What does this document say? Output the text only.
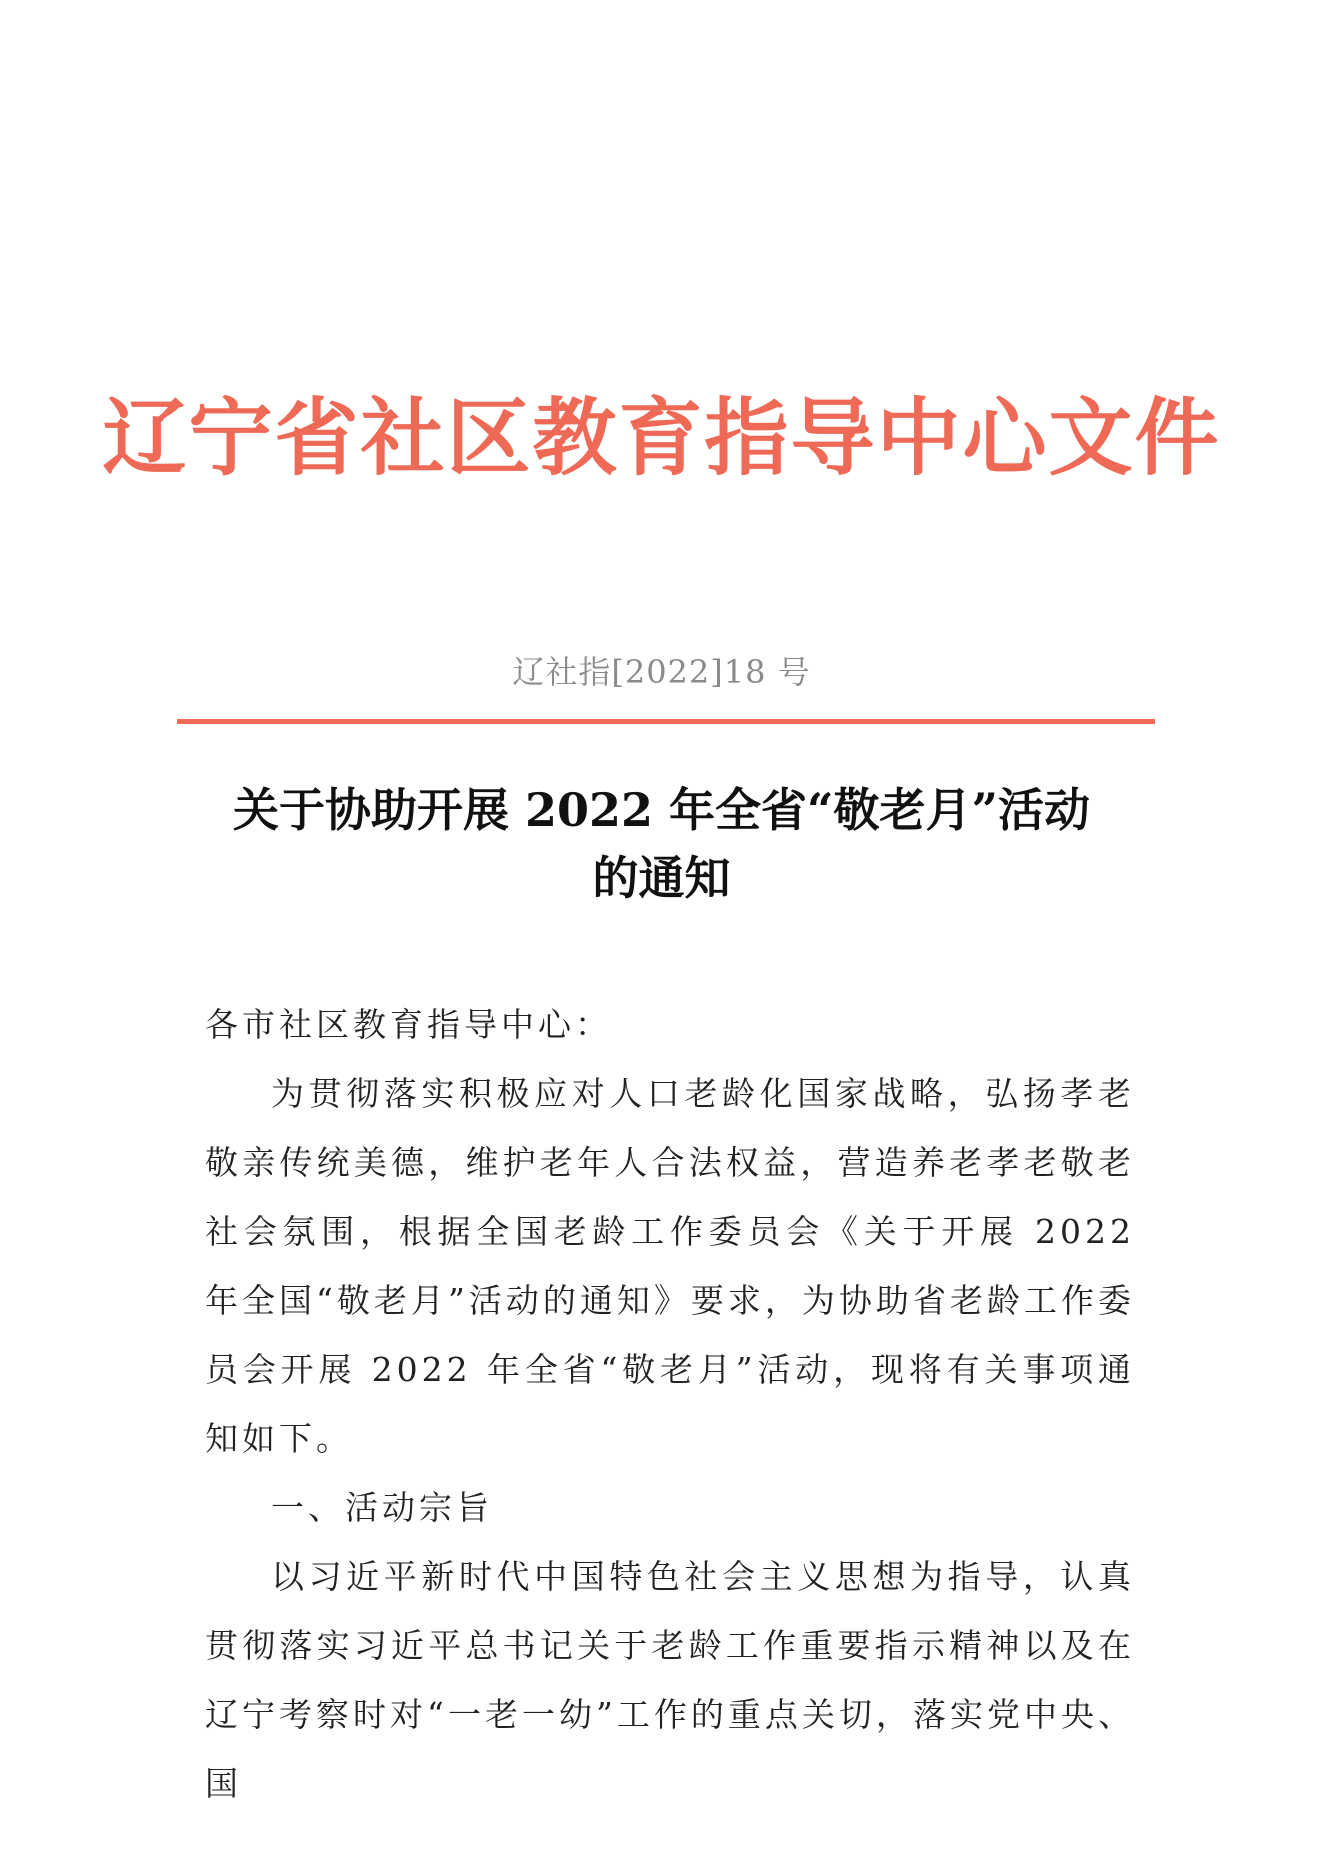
辽宁省社区教育指导中心文件
辽社指[2022]18 号
关于协助开展 2022 年全省“敬老月”活动
的通知

各市社区教育指导中心：

为贯彻落实积极应对人口老龄化国家战略，弘扬孝老敬亲传统美德，维护老年人合法权益，营造养老孝老敬老社会氛围，根据全国老龄工作委员会《关于开展 2022 年全国“敬老月”活动的通知》要求，为协助省老龄工作委员会开展 2022 年全省“敬老月”活动，现将有关事项通知如下。

一、活动宗旨

以习近平新时代中国特色社会主义思想为指导，认真贯彻落实习近平总书记关于老龄工作重要指示精神以及在辽宁考察时对“一老一幼”工作的重点关切，落实党中央、国
